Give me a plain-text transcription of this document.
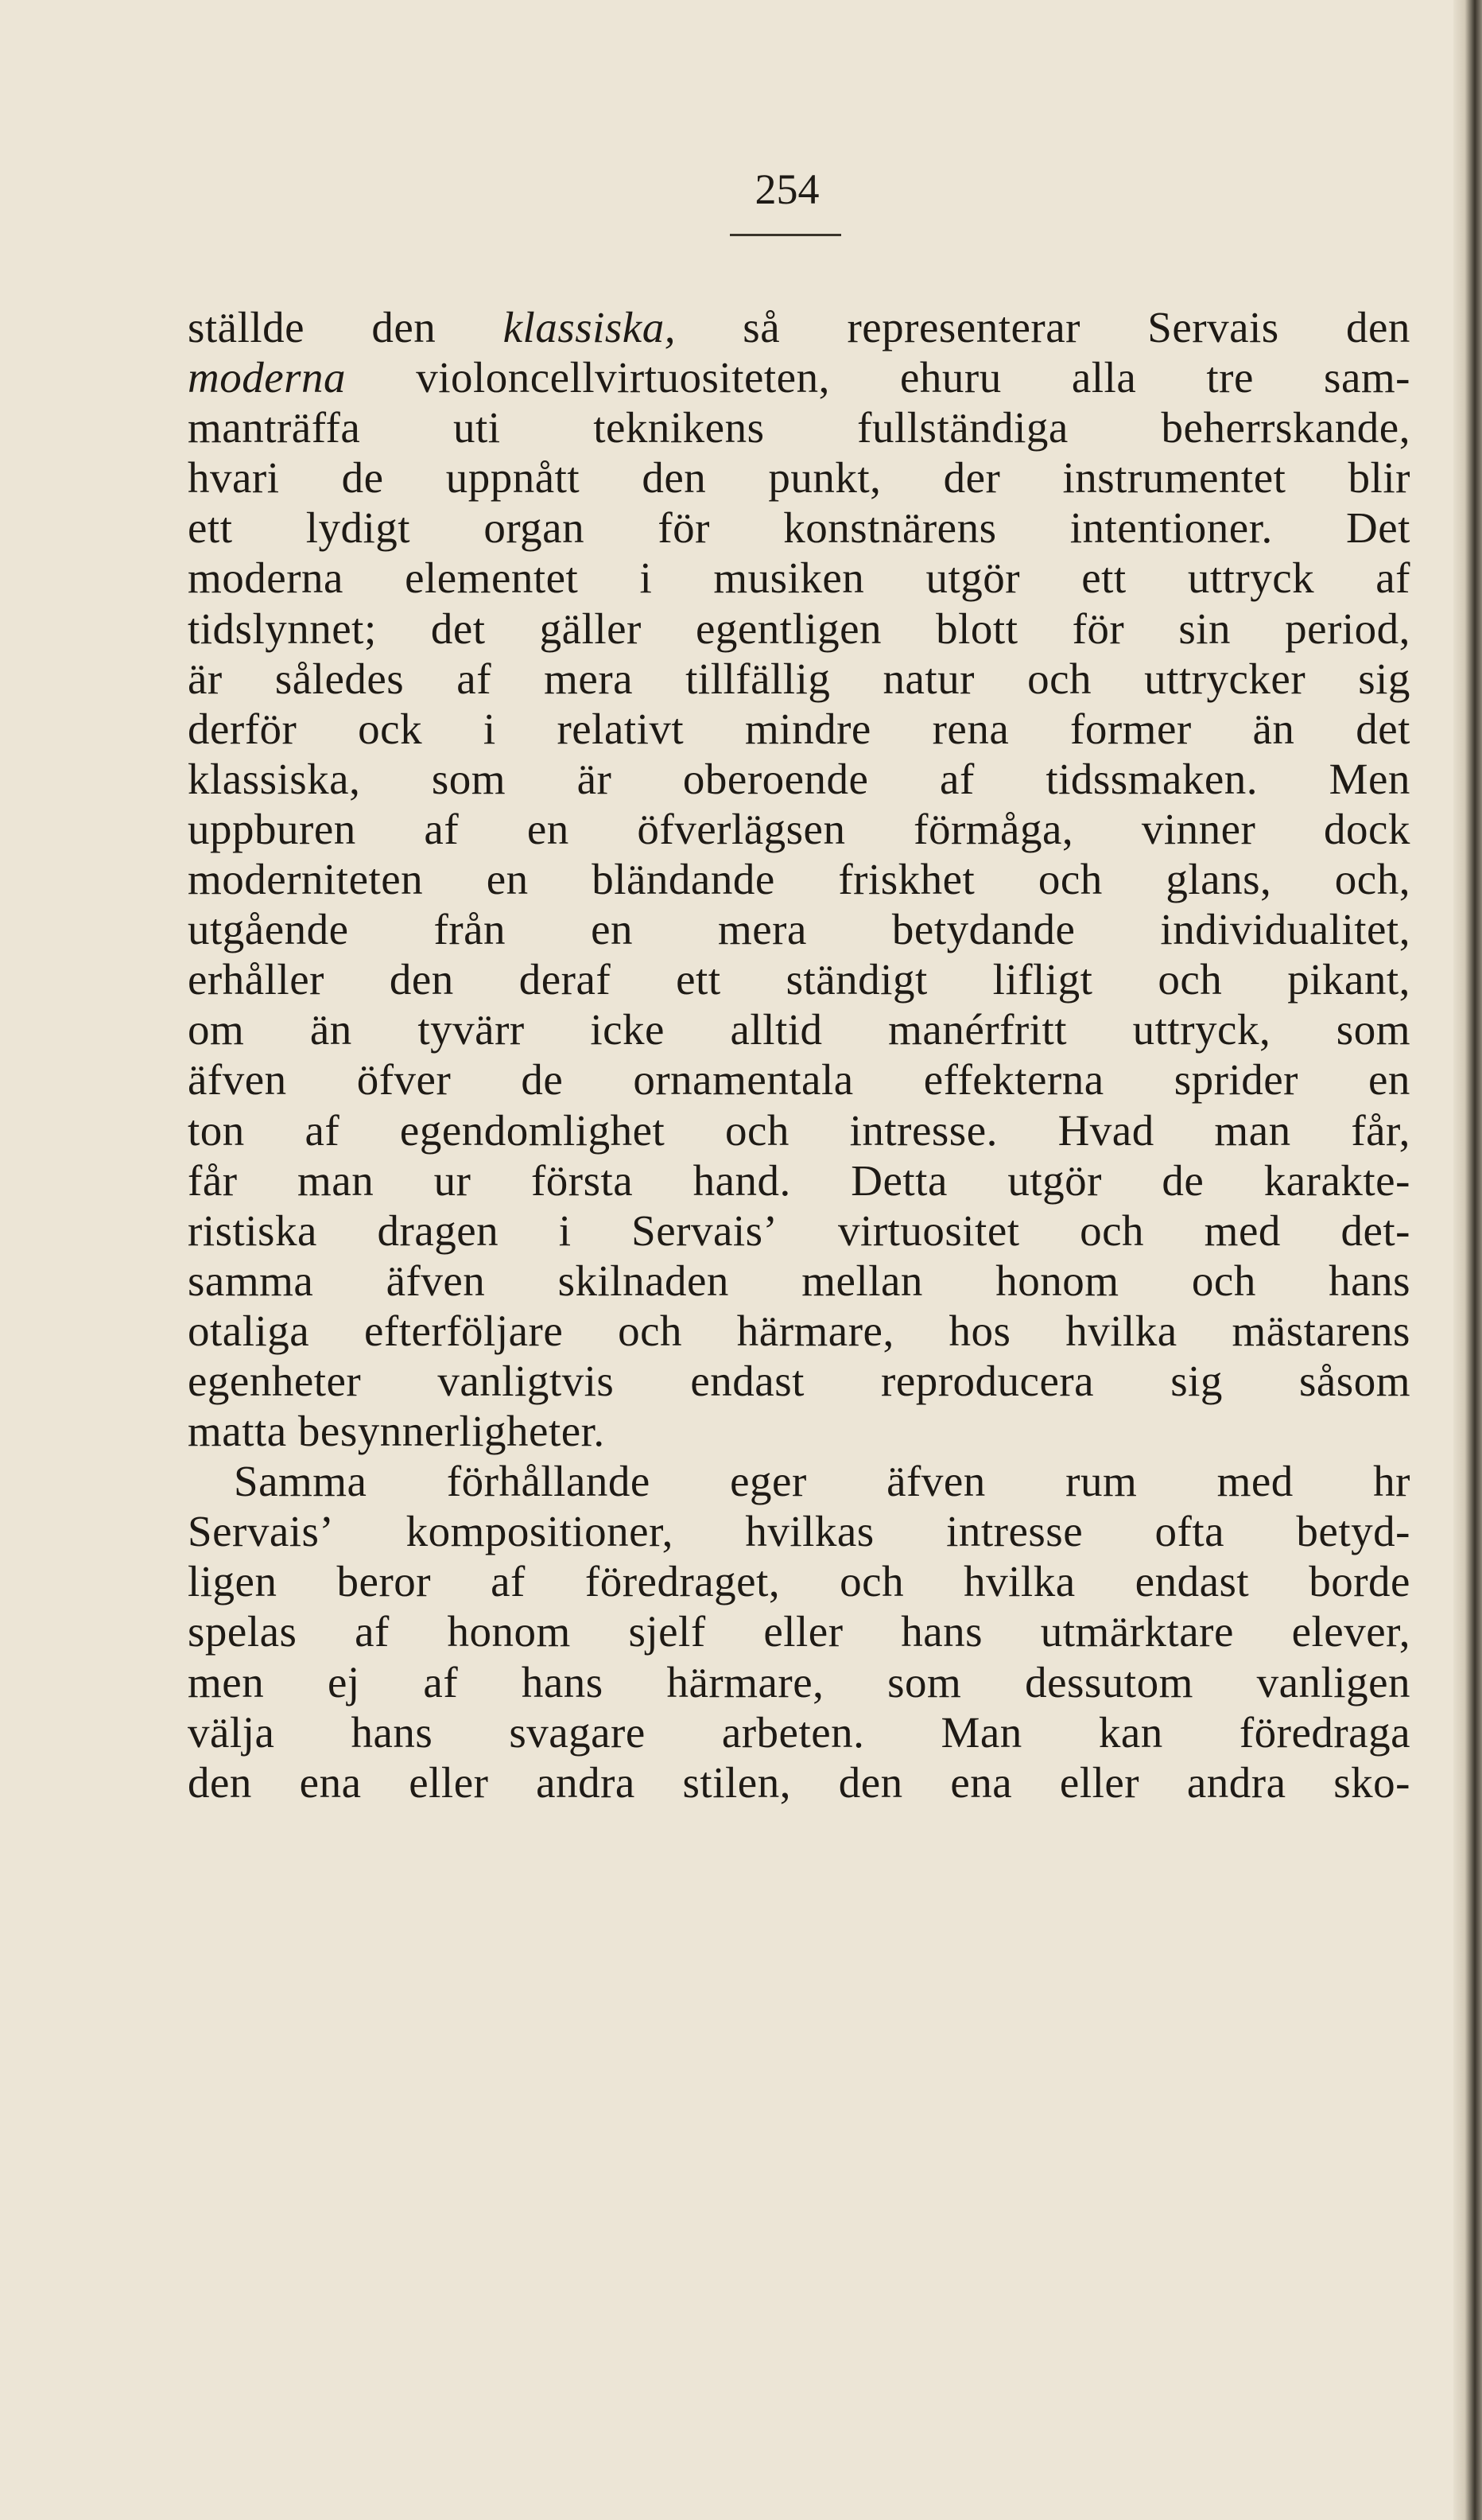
254
ställde den klassiska, så representerar Servais den
moderna violoncellvirtuositeten, ehuru alla tre sam-
manträffa uti teknikens fullständiga beherrskande,
hvari de uppnått den punkt, der instrumentet blir
ett lydigt organ för konstnärens intentioner. Det
moderna elementet i musiken utgör ett uttryck af
tidslynnet; det gäller egentligen blott för sin period,
är således af mera tillfällig natur och uttrycker sig
derför ock i relativt mindre rena former än det
klassiska, som är oberoende af tidssmaken. Men
uppburen af en öfverlägsen förmåga, vinner dock
moderniteten en bländande friskhet och glans, och,
utgående från en mera betydande individualitet,
erhåller den deraf ett ständigt lifligt och pikant,
om än tyvärr icke alltid manérfritt uttryck, som
äfven öfver de ornamentala effekterna sprider en
ton af egendomlighet och intresse. Hvad man får,
får man ur första hand. Detta utgör de karakte-
ristiska dragen i Servais’ virtuositet och med det-
samma äfven skilnaden mellan honom och hans
otaliga efterföljare och härmare, hos hvilka mästarens
egenheter vanligtvis endast reproducera sig såsom
matta
besynnerligheter.
Samma förhållande eger äfven rum med hr
Servais’ kompositioner, hvilkas intresse ofta betyd-
ligen beror af föredraget, och hvilka endast borde
spelas af honom sjelf eller hans utmärktare elever,
men ej af hans härmare, som dessutom vanligen
välja hans svagare arbeten. Man kan föredraga
den ena eller andra stilen, den ena eller andra sko-
